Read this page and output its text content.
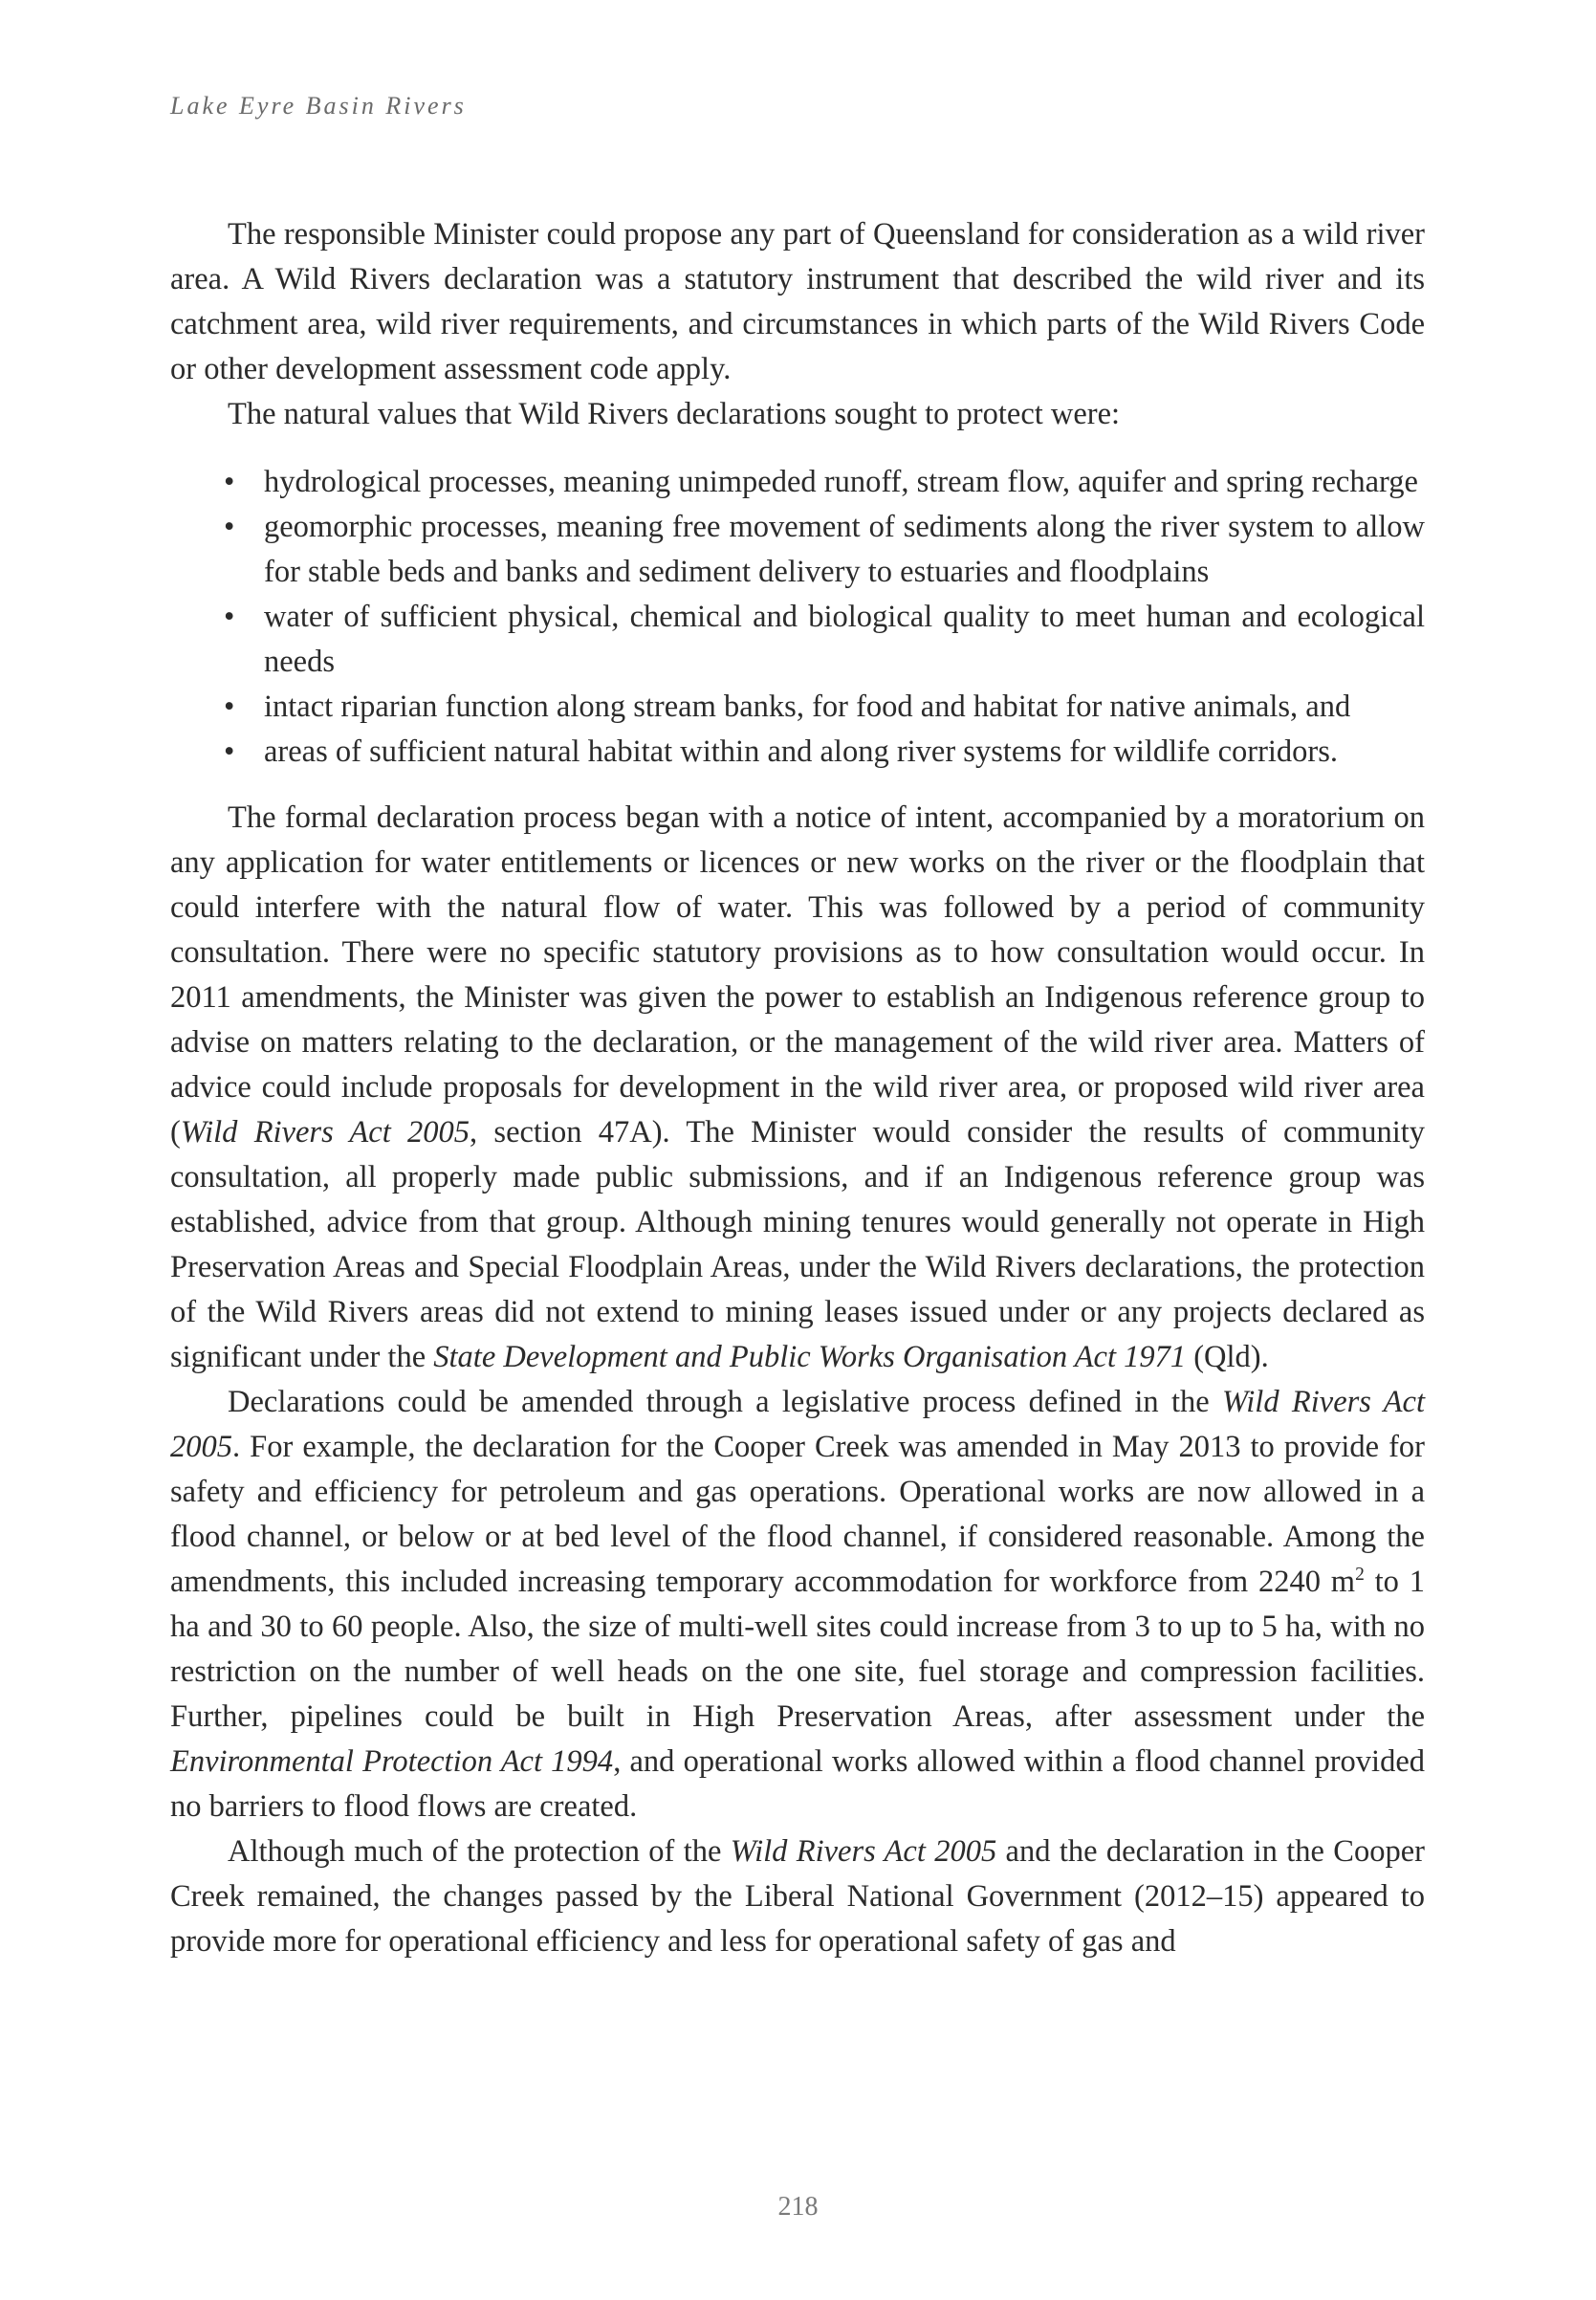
Lake Eyre Basin Rivers

The responsible Minister could propose any part of Queensland for consideration as a wild river area. A Wild Rivers declaration was a statutory instrument that described the wild river and its catchment area, wild river requirements, and circumstances in which parts of the Wild Rivers Code or other development assessment code apply.

The natural values that Wild Rivers declarations sought to protect were:

• hydrological processes, meaning unimpeded runoff, stream flow, aquifer and spring recharge
• geomorphic processes, meaning free movement of sediments along the river system to allow for stable beds and banks and sediment delivery to estuaries and floodplains
• water of sufficient physical, chemical and biological quality to meet human and ecological needs
• intact riparian function along stream banks, for food and habitat for native animals, and
• areas of sufficient natural habitat within and along river systems for wildlife corridors.

The formal declaration process began with a notice of intent, accompanied by a moratorium on any application for water entitlements or licences or new works on the river or the floodplain that could interfere with the natural flow of water. This was followed by a period of community consultation. There were no specific statutory provisions as to how consultation would occur. In 2011 amendments, the Minister was given the power to establish an Indigenous reference group to advise on matters relating to the declaration, or the management of the wild river area. Matters of advice could include proposals for development in the wild river area, or proposed wild river area (Wild Rivers Act 2005, section 47A). The Minister would consider the results of community consultation, all properly made public submissions, and if an Indigenous reference group was established, advice from that group. Although mining tenures would generally not operate in High Preservation Areas and Special Floodplain Areas, under the Wild Rivers declarations, the protection of the Wild Rivers areas did not extend to mining leases issued under or any projects declared as significant under the State Development and Public Works Organisation Act 1971 (Qld).

Declarations could be amended through a legislative process defined in the Wild Rivers Act 2005. For example, the declaration for the Cooper Creek was amended in May 2013 to provide for safety and efficiency for petroleum and gas operations. Operational works are now allowed in a flood channel, or below or at bed level of the flood channel, if considered reasonable. Among the amendments, this included increasing temporary accommodation for workforce from 2240 $m^2$ to 1 ha and 30 to 60 people. Also, the size of multi-well sites could increase from 3 to up to 5 ha, with no restriction on the number of well heads on the one site, fuel storage and compression facilities. Further, pipelines could be built in High Preservation Areas, after assessment under the Environmental Protection Act 1994, and operational works allowed within a flood channel provided no barriers to flood flows are created.

Although much of the protection of the Wild Rivers Act 2005 and the declaration in the Cooper Creek remained, the changes passed by the Liberal National Government (2012–15) appeared to provide more for operational efficiency and less for operational safety of gas and

218
